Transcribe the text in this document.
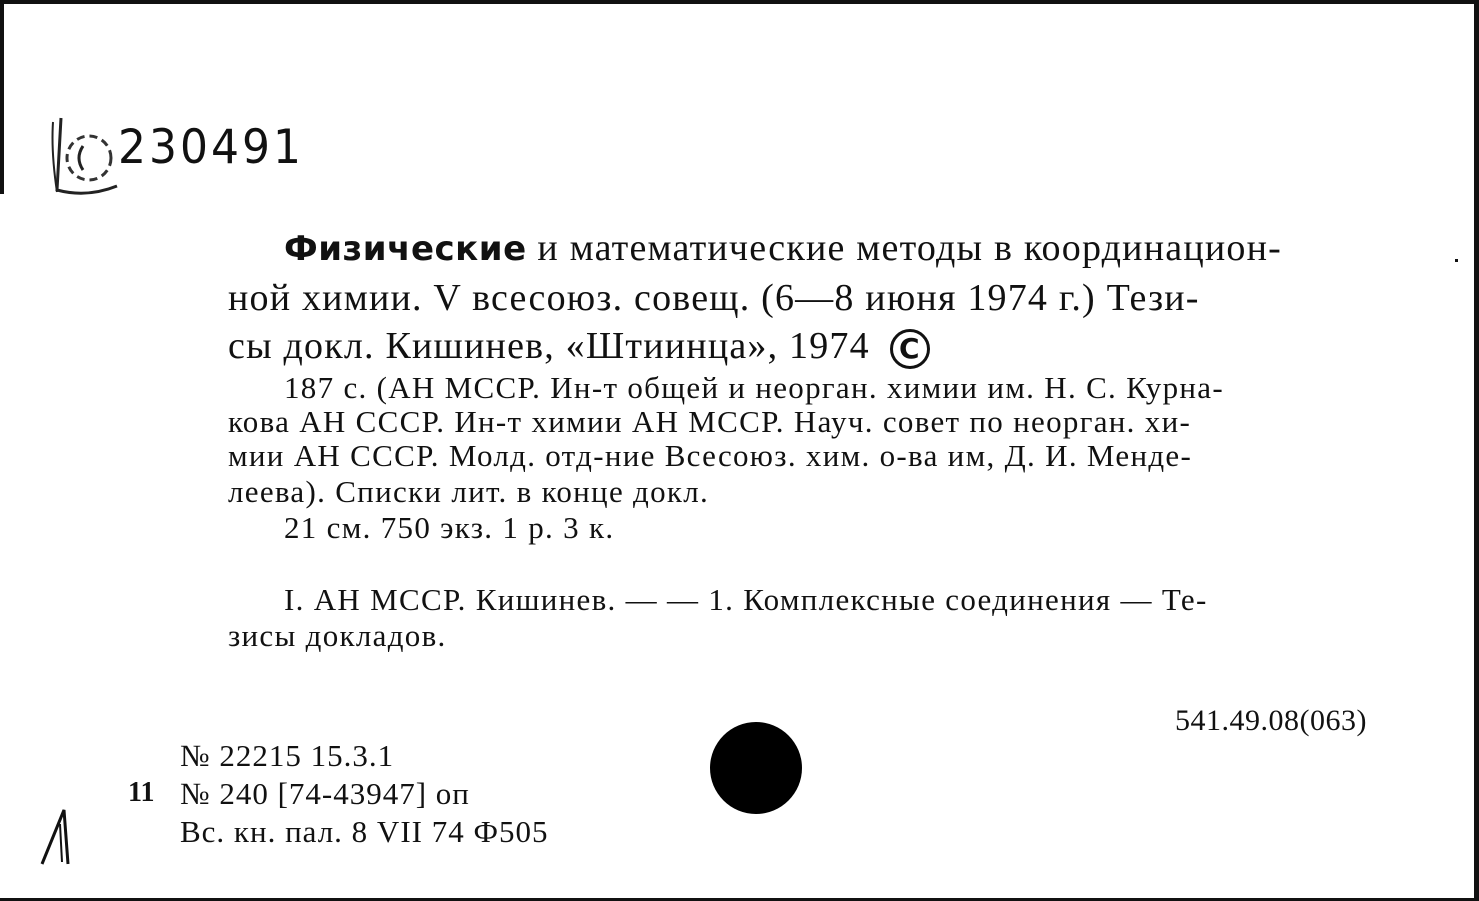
230491
Физические и математические методы в координацион-
ной химии. V всесоюз. совещ. (6—8 июня 1974 г.) Тези-
сы докл. Кишинев, «Штиинца», 1974 C
187 с. (АН МССР. Ин-т общей и неорган. химии им. Н. С. Курна-
кова АН СССР. Ин-т химии АН МССР. Науч. совет по неорган. хи-
мии АН СССР. Молд. отд-ние Всесоюз. хим. о-ва им, Д. И. Менде-
леева). Списки лит. в конце докл.
21 см. 750 экз. 1 р. 3 к.
I. АН МССР. Кишинев. — — 1. Комплексные соединения — Те-
зисы докладов.
541.49.08(063)
№ 22215 15.3.1
11 № 240 [74-43947] оп
Вс. кн. пал. 8 VII 74 Ф505
